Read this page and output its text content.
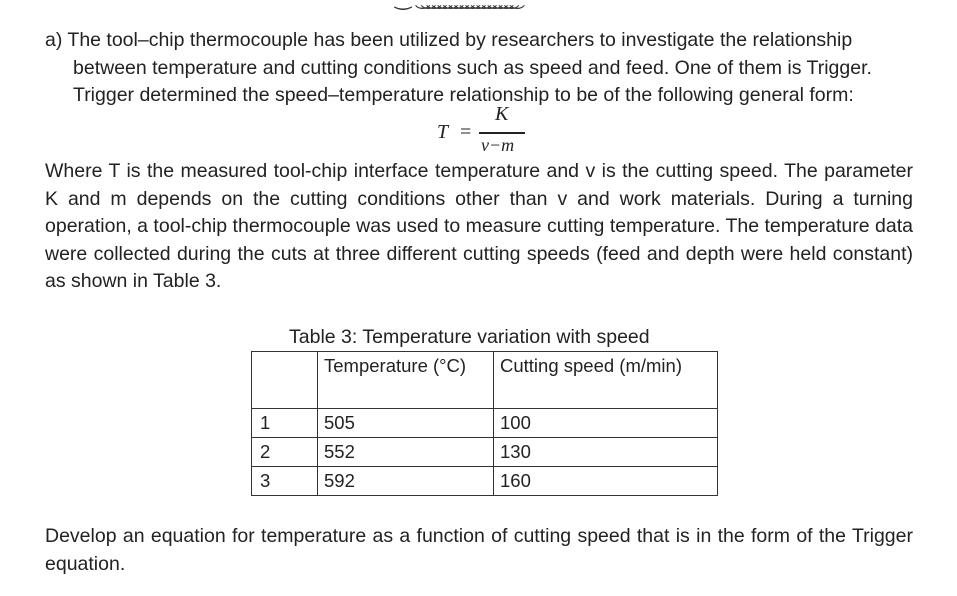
a) The tool–chip thermocouple has been utilized by researchers to investigate the relationship
between temperature and cutting conditions such as speed and feed. One of them is Trigger.
Trigger determined the speed–temperature relationship to be of the following general form:
T =
K
v−m
Where T is the measured tool-chip interface temperature and v is the cutting speed. The parameter K and m depends on the cutting conditions other than v and work materials. During a turning operation, a tool-chip thermocouple was used to measure cutting temperature. The temperature data were collected during the cuts at three different cutting speeds (feed and depth were held constant) as shown in Table 3.
Table 3: Temperature variation with speed
	Temperature (°C)	Cutting speed (m/min)
1	505	100
2	552	130
3	592	160
Develop an equation for temperature as a function of cutting speed that is in the form of the Trigger equation.
